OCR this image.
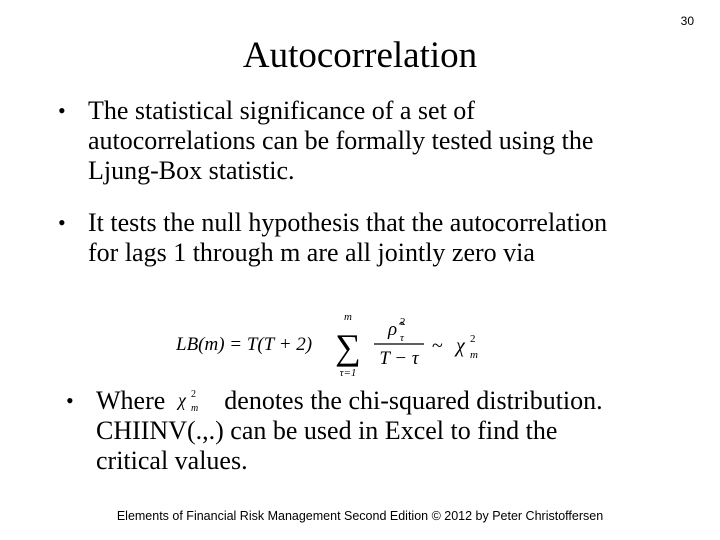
30
Autocorrelation
• The statistical significance of a set of
autocorrelations can be formally tested using the
Ljung-Box statistic.
• It tests the null hypothesis that the autocorrelation
for lags 1 through m are all jointly zero via
LB(m) = T(T + 2)
m
∑
τ=1
ρ̂ 2
τ
T − τ
~ χ 2
m
• Where χ 2
m denotes the chi-squared distribution.
CHIINV(.,.) can be used in Excel to find the
critical values.
Elements of Financial Risk Management Second Edition © 2012 by Peter Christoffersen
